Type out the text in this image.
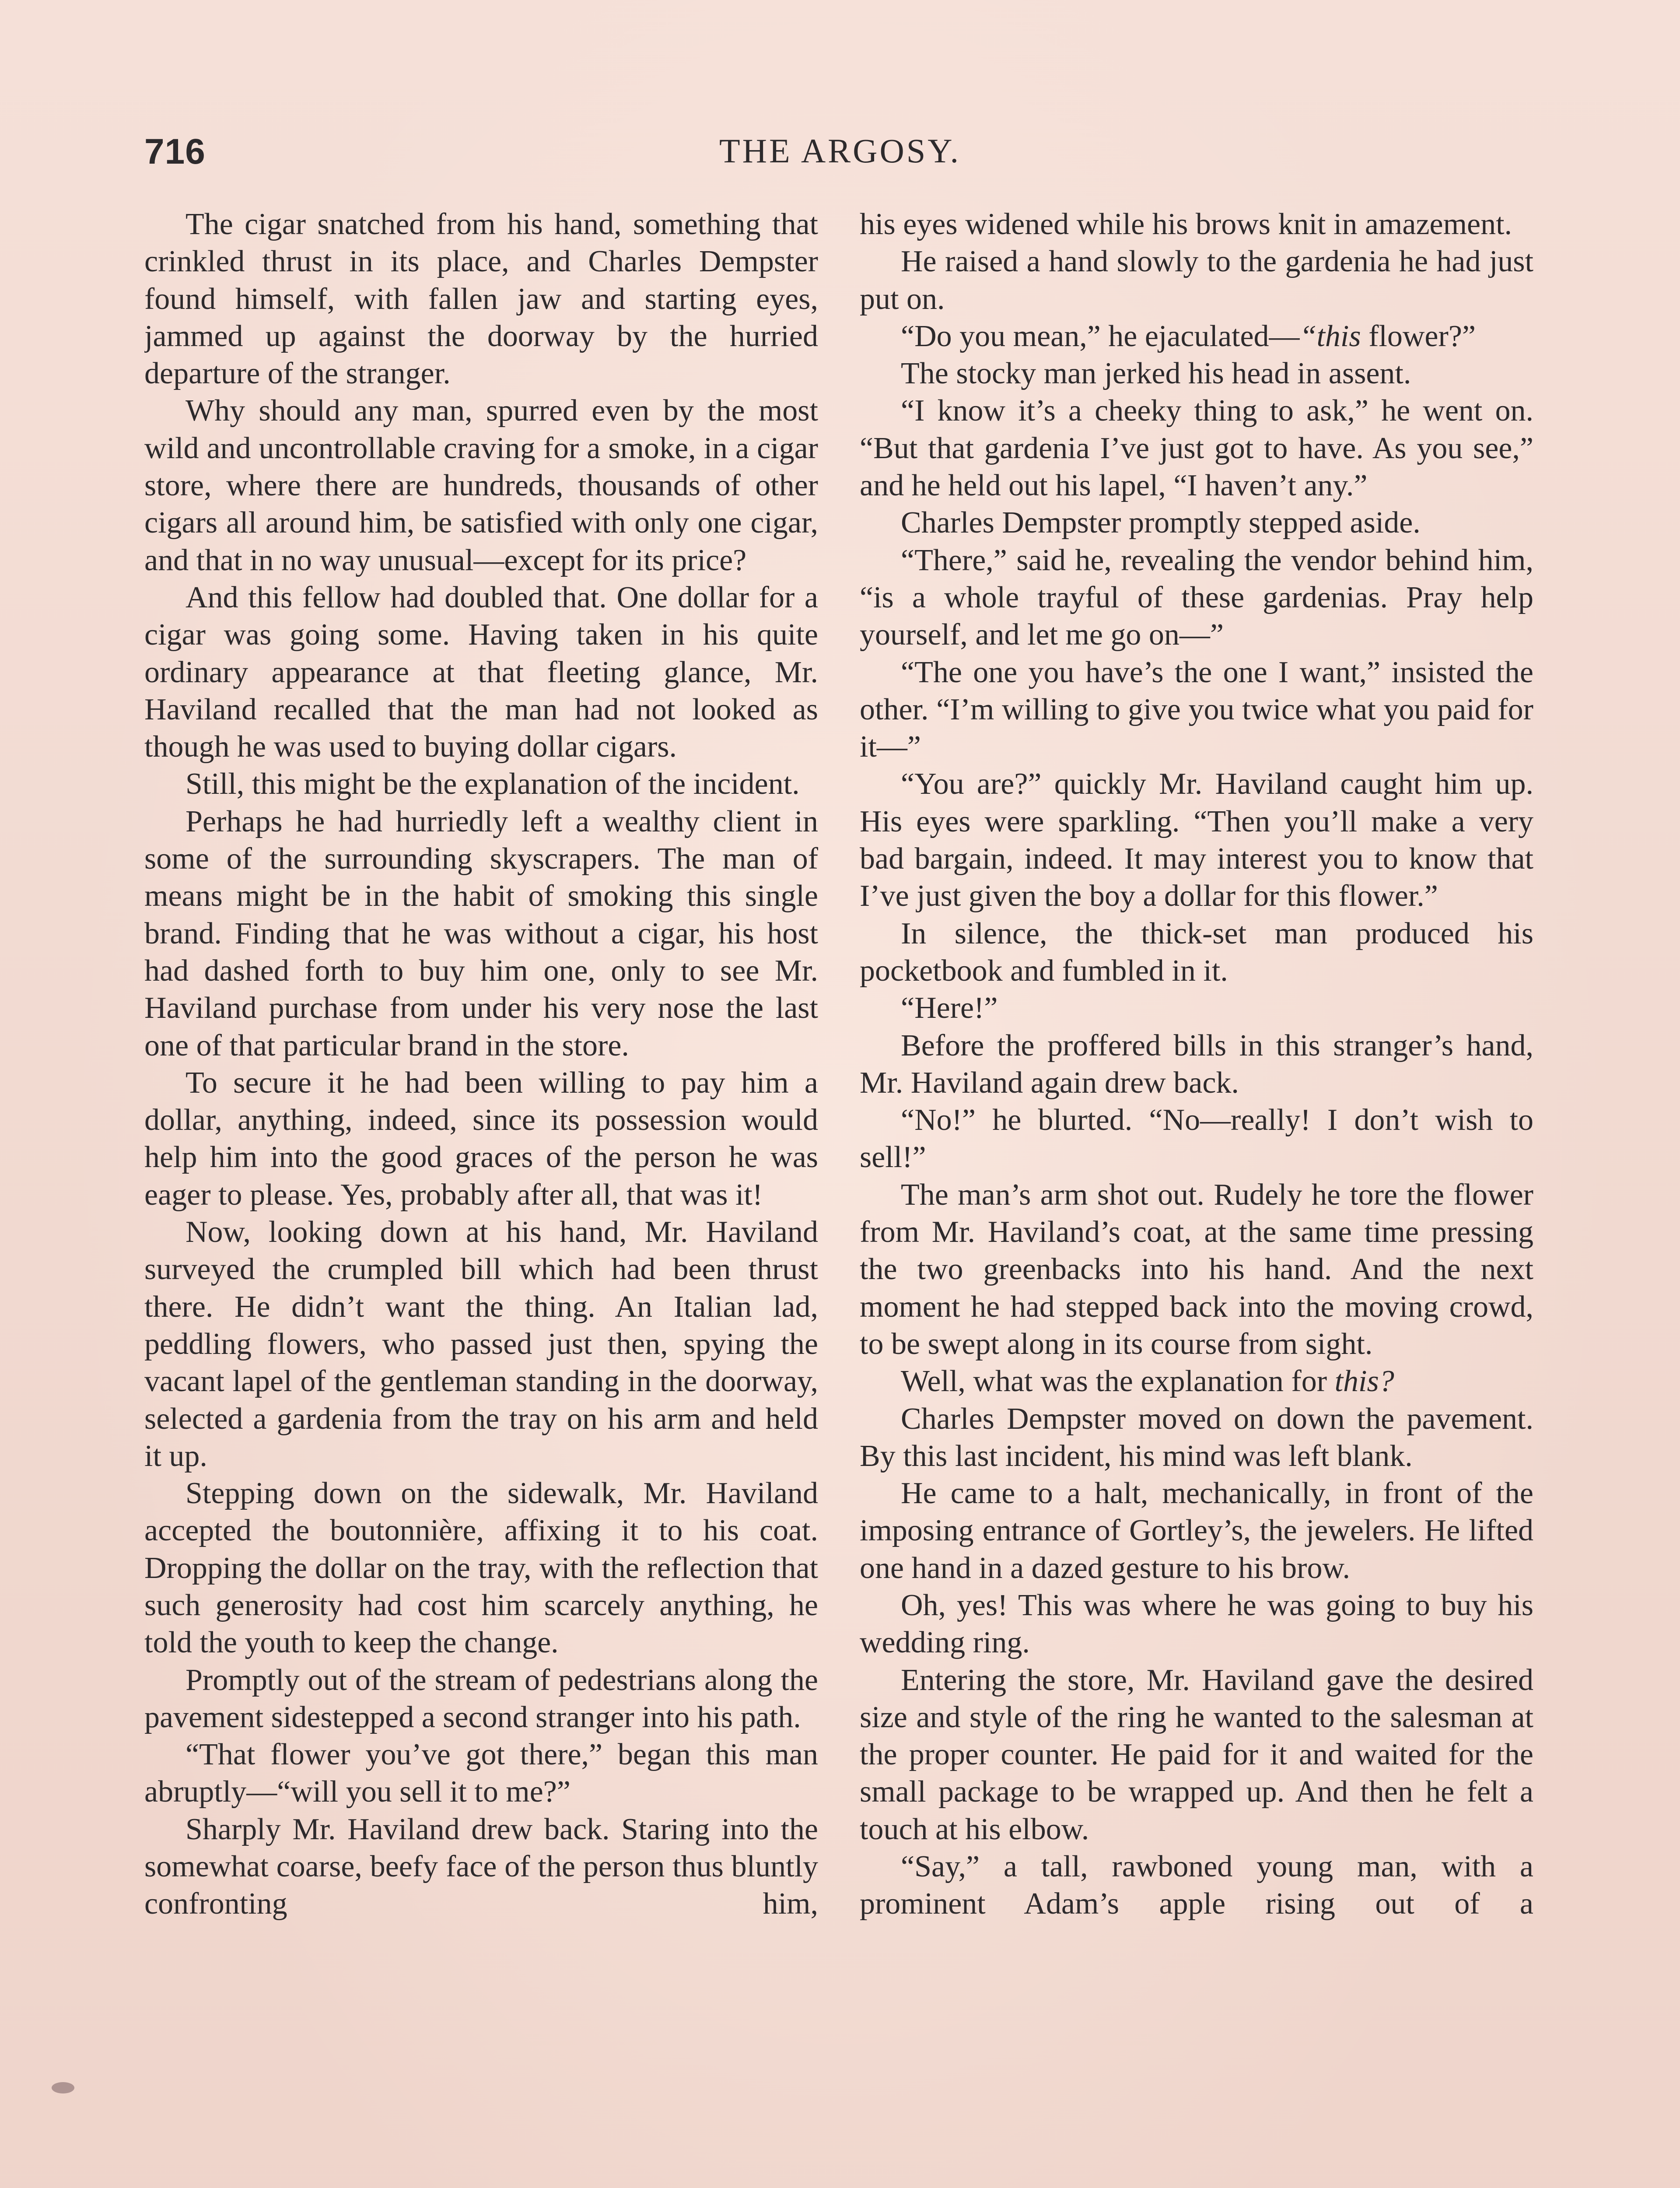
716	THE ARGOSY.

The cigar snatched from his hand, something that crinkled thrust in its place, and Charles Dempster found himself, with fallen jaw and starting eyes, jammed up against the doorway by the hurried departure of the stranger.

Why should any man, spurred even by the most wild and uncontrollable craving for a smoke, in a cigar store, where there are hundreds, thousands of other cigars all around him, be satisfied with only one cigar, and that in no way unusual—except for its price?

And this fellow had doubled that. One dollar for a cigar was going some. Having taken in his quite ordinary appearance at that fleeting glance, Mr. Haviland recalled that the man had not looked as though he was used to buying dollar cigars.

Still, this might be the explanation of the incident.

Perhaps he had hurriedly left a wealthy client in some of the surrounding skyscrapers. The man of means might be in the habit of smoking this single brand. Finding that he was without a cigar, his host had dashed forth to buy him one, only to see Mr. Haviland purchase from under his very nose the last one of that particular brand in the store.

To secure it he had been willing to pay him a dollar, anything, indeed, since its possession would help him into the good graces of the person he was eager to please. Yes, probably after all, that was it!

Now, looking down at his hand, Mr. Haviland surveyed the crumpled bill which had been thrust there. He didn’t want the thing. An Italian lad, peddling flowers, who passed just then, spying the vacant lapel of the gentleman standing in the doorway, selected a gardenia from the tray on his arm and held it up.

Stepping down on the sidewalk, Mr. Haviland accepted the boutonnière, affixing it to his coat. Dropping the dollar on the tray, with the reflection that such generosity had cost him scarcely anything, he told the youth to keep the change.

Promptly out of the stream of pedestrians along the pavement sidestepped a second stranger into his path.

“That flower you’ve got there,” began this man abruptly—“will you sell it to me?”

Sharply Mr. Haviland drew back. Staring into the somewhat coarse, beefy face of the person thus bluntly confronting him,

his eyes widened while his brows knit in amazement.

He raised a hand slowly to the gardenia he had just put on.

“Do you mean,” he ejaculated—“this flower?”

The stocky man jerked his head in assent.

“I know it’s a cheeky thing to ask,” he went on. “But that gardenia I’ve just got to have. As you see,” and he held out his lapel, “I haven’t any.”

Charles Dempster promptly stepped aside.

“There,” said he, revealing the vendor behind him, “is a whole trayful of these gardenias. Pray help yourself, and let me go on—”

“The one you have’s the one I want,” insisted the other. “I’m willing to give you twice what you paid for it—”

“You are?” quickly Mr. Haviland caught him up. His eyes were sparkling. “Then you’ll make a very bad bargain, indeed. It may interest you to know that I’ve just given the boy a dollar for this flower.”

In silence, the thick-set man produced his pocketbook and fumbled in it.

“Here!”

Before the proffered bills in this stranger’s hand, Mr. Haviland again drew back.

“No!” he blurted. “No—really! I don’t wish to sell!”

The man’s arm shot out. Rudely he tore the flower from Mr. Haviland’s coat, at the same time pressing the two greenbacks into his hand. And the next moment he had stepped back into the moving crowd, to be swept along in its course from sight.

Well, what was the explanation for this?

Charles Dempster moved on down the pavement. By this last incident, his mind was left blank.

He came to a halt, mechanically, in front of the imposing entrance of Gortley’s, the jewelers. He lifted one hand in a dazed gesture to his brow.

Oh, yes! This was where he was going to buy his wedding ring.

Entering the store, Mr. Haviland gave the desired size and style of the ring he wanted to the salesman at the proper counter. He paid for it and waited for the small package to be wrapped up. And then he felt a touch at his elbow.

“Say,” a tall, rawboned young man, with a prominent Adam’s apple rising out of a
